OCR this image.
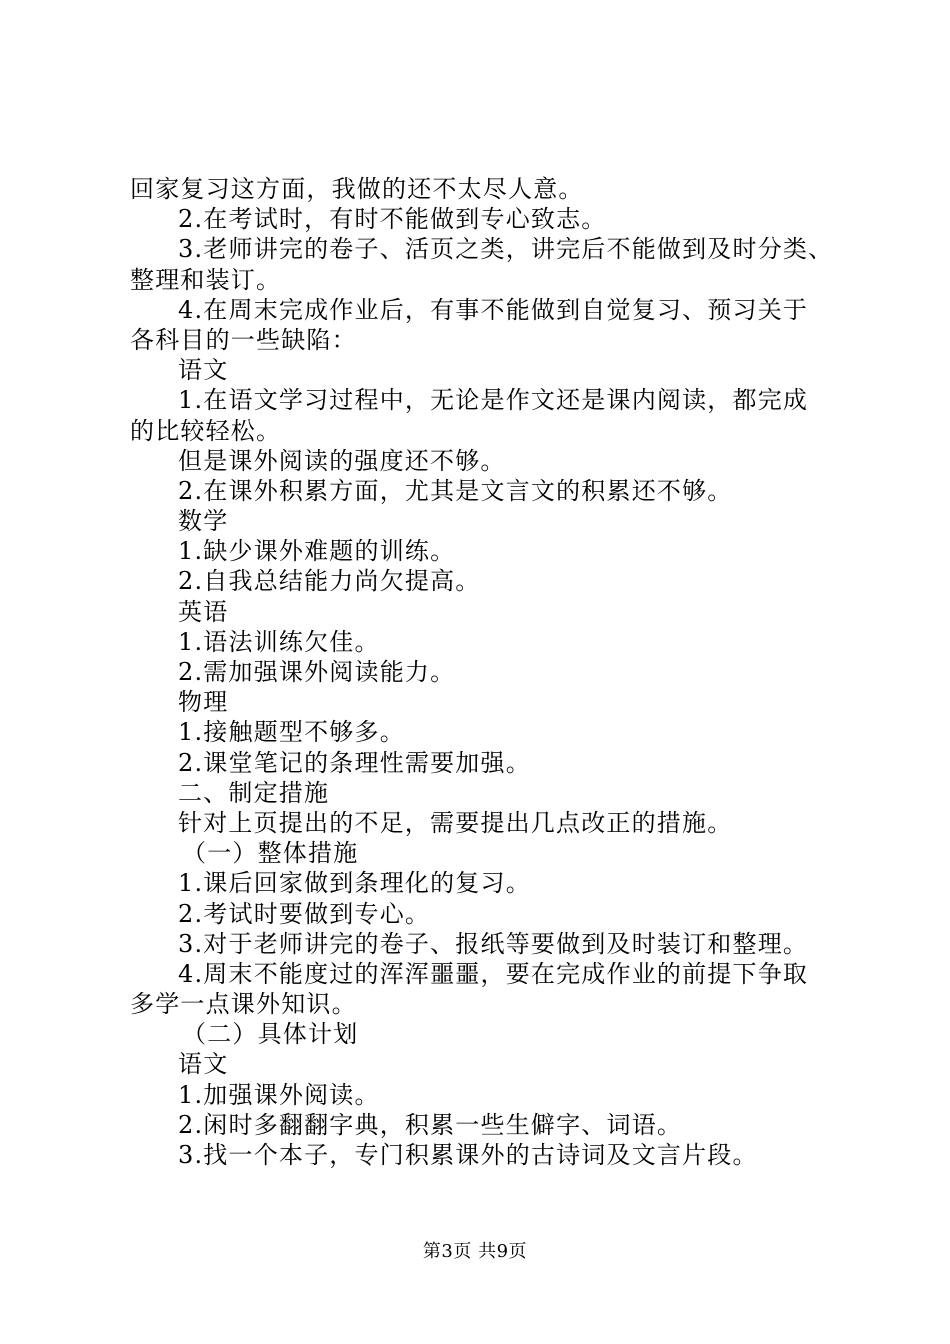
回家复习这方面，我做的还不太尽人意。
2.在考试时，有时不能做到专心致志。
3.老师讲完的卷子、活页之类，讲完后不能做到及时分类、
整理和装订。
4.在周末完成作业后，有事不能做到自觉复习、预习关于
各科目的一些缺陷：
语文
1.在语文学习过程中，无论是作文还是课内阅读，都完成
的比较轻松。
但是课外阅读的强度还不够。
2.在课外积累方面，尤其是文言文的积累还不够。
数学
1.缺少课外难题的训练。
2.自我总结能力尚欠提高。
英语
1.语法训练欠佳。
2.需加强课外阅读能力。
物理
1.接触题型不够多。
2.课堂笔记的条理性需要加强。
二、制定措施
针对上页提出的不足，需要提出几点改正的措施。
（一）整体措施
1.课后回家做到条理化的复习。
2.考试时要做到专心。
3.对于老师讲完的卷子、报纸等要做到及时装订和整理。
4.周末不能度过的浑浑噩噩，要在完成作业的前提下争取
多学一点课外知识。
（二）具体计划
语文
1.加强课外阅读。
2.闲时多翻翻字典，积累一些生僻字、词语。
3.找一个本子，专门积累课外的古诗词及文言片段。
第3页 共9页
